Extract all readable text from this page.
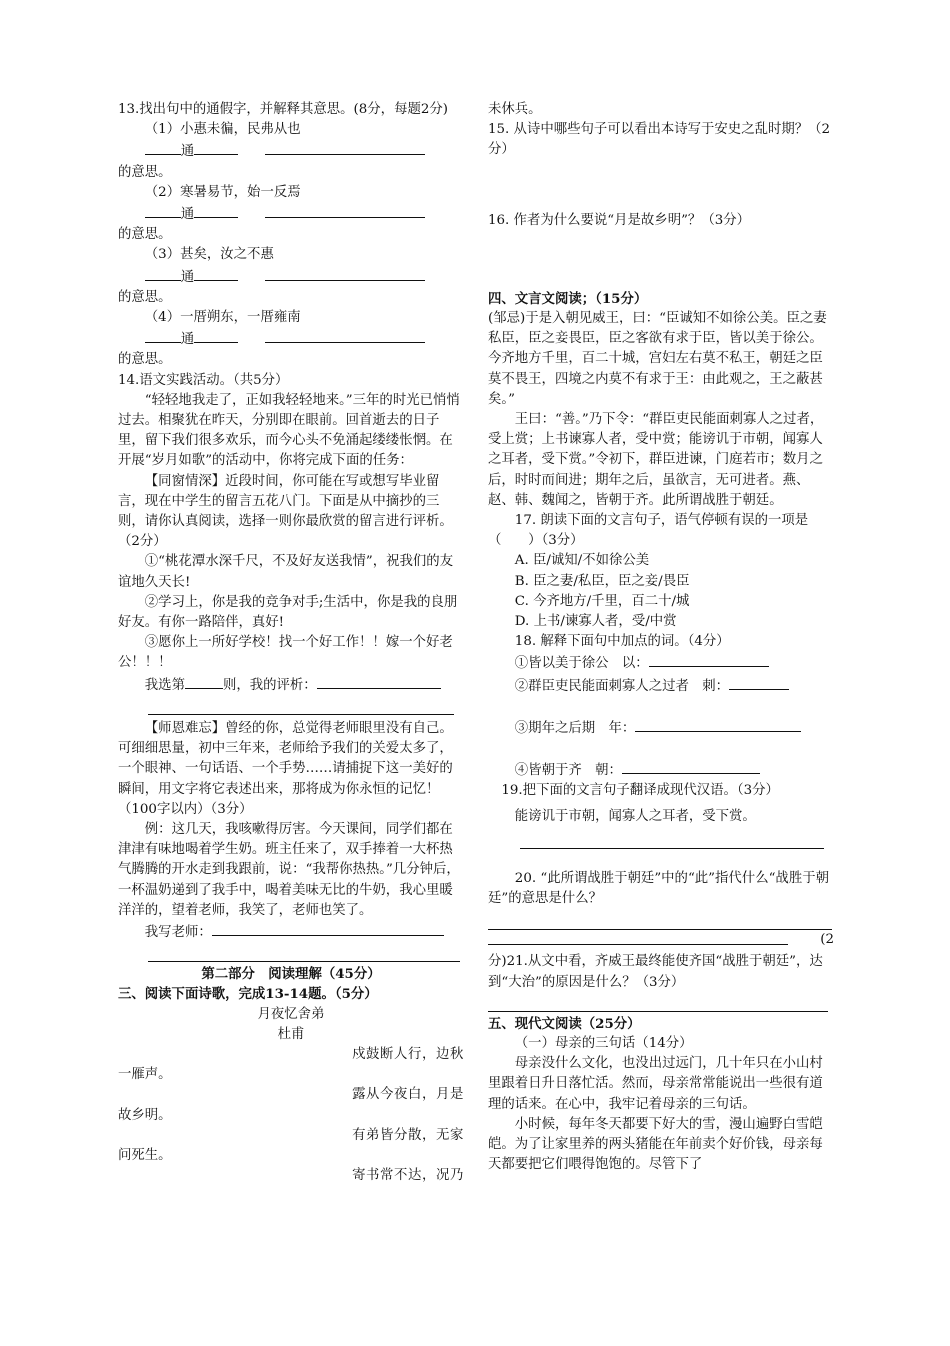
13.找出句中的通假字，并解释其意思。(8分，每题2分)

（1）小惠未徧，民弗从也

通　　

的意思。

（2）寒暑易节，始一反焉

通　　

的意思。

（3）甚矣，汝之不惠

通　　

的意思。

（4）一厝朔东，一厝雍南

通　　

的意思。

14.语文实践活动。（共5分）

“轻轻地我走了，正如我轻轻地来。”三年的时光已悄悄过去。相聚犹在昨天，分别即在眼前。回首逝去的日子里，留下我们很多欢乐，而今心头不免涌起缕缕怅惘。在开展“岁月如歌”的活动中，你将完成下面的任务：

【同窗情深】近段时间，你可能在写或想写毕业留言，现在中学生的留言五花八门。下面是从中摘抄的三则，请你认真阅读，选择一则你最欣赏的留言进行评析。（2分）

①“桃花潭水深千尺，不及好友送我情”，祝我们的友谊地久天长!

②学习上，你是我的竞争对手;生活中，你是我的良朋好友。有你一路陪伴，真好!

③愿你上一所好学校！找一个好工作！！嫁一个好老公！！！

我选第	则，我的评析：

【师恩难忘】曾经的你，总觉得老师眼里没有自己。可细细思量，初中三年来，老师给予我们的关爱太多了，一个眼神、一句话语、一个手势……请捕捉下这一美好的瞬间，用文字将它表述出来，那将成为你永恒的记忆！（100字以内）（3分）

例：这几天，我咳嗽得厉害。今天课间，同学们都在津津有味地喝着学生奶。班主任来了，双手捧着一大杯热气腾腾的开水走到我跟前，说：“我帮你热热。”几分钟后，一杯温奶递到了我手中，喝着美味无比的牛奶，我心里暖洋洋的，望着老师，我笑了，老师也笑了。

我写老师：

第二部分　阅读理解（45分）

三、阅读下面诗歌，完成13-14题。（5分）

月夜忆舍弟

杜甫

戍鼓断人行，边秋

一雁声。

露从今夜白，月是

故乡明。

有弟皆分散，无家

问死生。

寄书常不达，况乃

未休兵。

15. 从诗中哪些句子可以看出本诗写于安史之乱时期？（2分）

16. 作者为什么要说“月是故乡明”？（3分）

四、文言文阅读；（15分）

(邹忌)于是入朝见威王，曰：“臣诚知不如徐公美。臣之妻私臣，臣之妾畏臣，臣之客欲有求于臣，皆以美于徐公。今齐地方千里，百二十城，宫妇左右莫不私王，朝廷之臣莫不畏王，四境之内莫不有求于王：由此观之，王之蔽甚矣。”

王曰：“善。”乃下令：“群臣吏民能面刺寡人之过者，受上赏；上书谏寡人者，受中赏；能谤讥于市朝，闻寡人之耳者，受下赏。”令初下，群臣进谏，门庭若市；数月之后，时时而间进；期年之后，虽欲言，无可进者。燕、赵、韩、魏闻之，皆朝于齐。此所谓战胜于朝廷。

17. 朗读下面的文言句子，语气停顿有误的一项是（　　）（3分）

A. 臣/诚知/不如徐公美

B. 臣之妻/私臣，臣之妾/畏臣

C. 今齐地方/千里，百二十/城

D. 上书/谏寡人者，受/中赏

18. 解释下面句中加点的词。（4分）

①皆以美于徐公　以：

②群臣吏民能面刺寡人之过者　刺：

③期年之后期　年：

④皆朝于齐　朝：

19.把下面的文言句子翻译成现代汉语。（3分）

能谤讥于市朝，闻寡人之耳者，受下赏。

20. “此所谓战胜于朝廷”中的“此”指代什么“战胜于朝廷”的意思是什么？

(2

分)21.从文中看，齐威王最终能使齐国“战胜于朝廷”，达到“大治”的原因是什么？（3分）

五、现代文阅读（25分）

（一）母亲的三句话（14分）

母亲没什么文化，也没出过远门，几十年只在小山村里跟着日升日落忙活。然而，母亲常常能说出一些很有道理的话来。在心中，我牢记着母亲的三句话。

小时候，每年冬天都要下好大的雪，漫山遍野白雪皑皑。为了让家里养的两头猪能在年前卖个好价钱，母亲每天都要把它们喂得饱饱的。尽管下了
